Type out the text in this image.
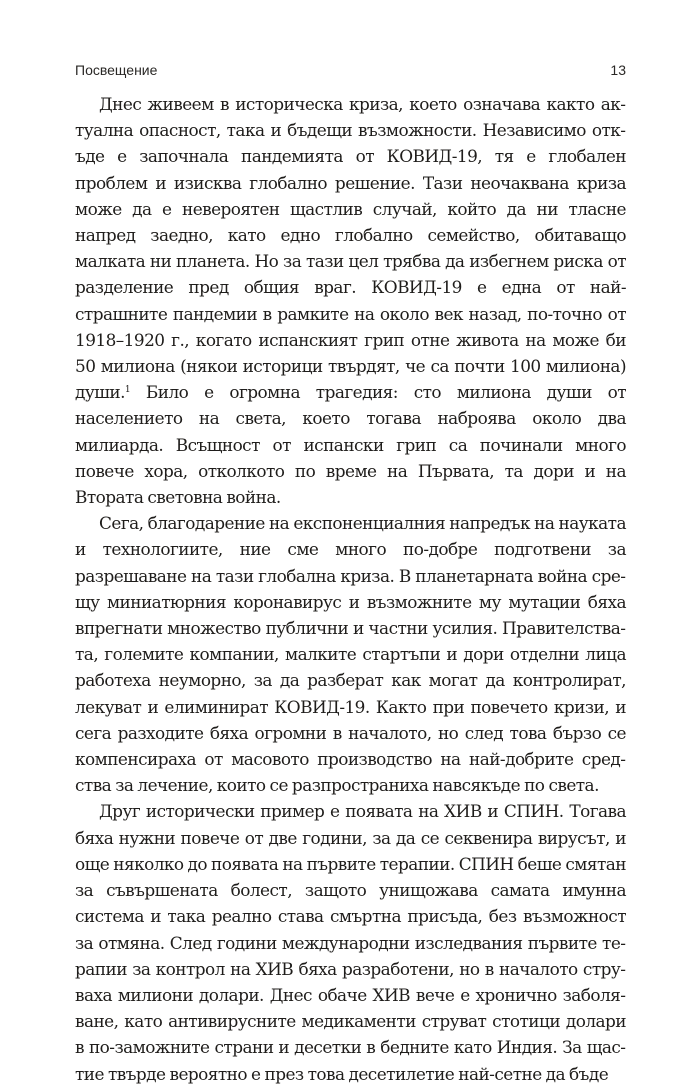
Посвещение	13

Днес живеем в историческа криза, което означава както актуална опасност, така и бъдещи възможности. Независимо откъде е започнала пандемията от КОВИД-19, тя е глобален проблем и изисква глобално решение. Тази неочаквана криза може да е невероятен щастлив случай, който да ни тласне напред заедно, като едно глобално семейство, обитаващо малката ни планета. Но за тази цел трябва да избегнем риска от разделение пред общия враг. КОВИД-19 е една от най-страшните пандемии в рамките на около век назад, по-точно от 1918–1920 г., когато испанският грип отне живота на може би 50 милиона (някои историци твърдят, че са почти 100 милиона) души.$^1$ Било е огромна трагедия: сто милиона души от населението на света, което тогава наброява около два милиарда. Всъщност от испански грип са починали много повече хора, отколкото по време на Първата, та дори и на Втората световна война.

Сега, благодарение на експоненциалния напредък на науката и технологиите, ние сме много по-добре подготвени за разрешаване на тази глобална криза. В планетарната война срещу миниатюрния коронавирус и възможните му мутации бяха впрегнати множество публични и частни усилия. Правителствата, големите компании, малките стартъпи и дори отделни лица работеха неуморно, за да разберат как могат да контролират, лекуват и елиминират КОВИД-19. Както при повечето кризи, и сега разходите бяха огромни в началото, но след това бързо се компенсираха от масовото производство на най-добрите средства за лечение, които се разпространиха навсякъде по света.

Друг исторически пример е появата на ХИВ и СПИН. Тогава бяха нужни повече от две години, за да се секвенира вирусът, и още няколко до появата на първите терапии. СПИН беше смятан за съвършената болест, защото унищожава самата имунна система и така реално става смъртна присъда, без възможност за отмяна. След години международни изследвания първите терапии за контрол на ХИВ бяха разработени, но в началото струваха милиони долари. Днес обаче ХИВ вече е хронично заболяване, като антивирусните медикаменти струват стотици долари в по-заможните страни и десетки в бедните като Индия. За щастие твърде вероятно е през това десетилетие най-сетне да бъде
